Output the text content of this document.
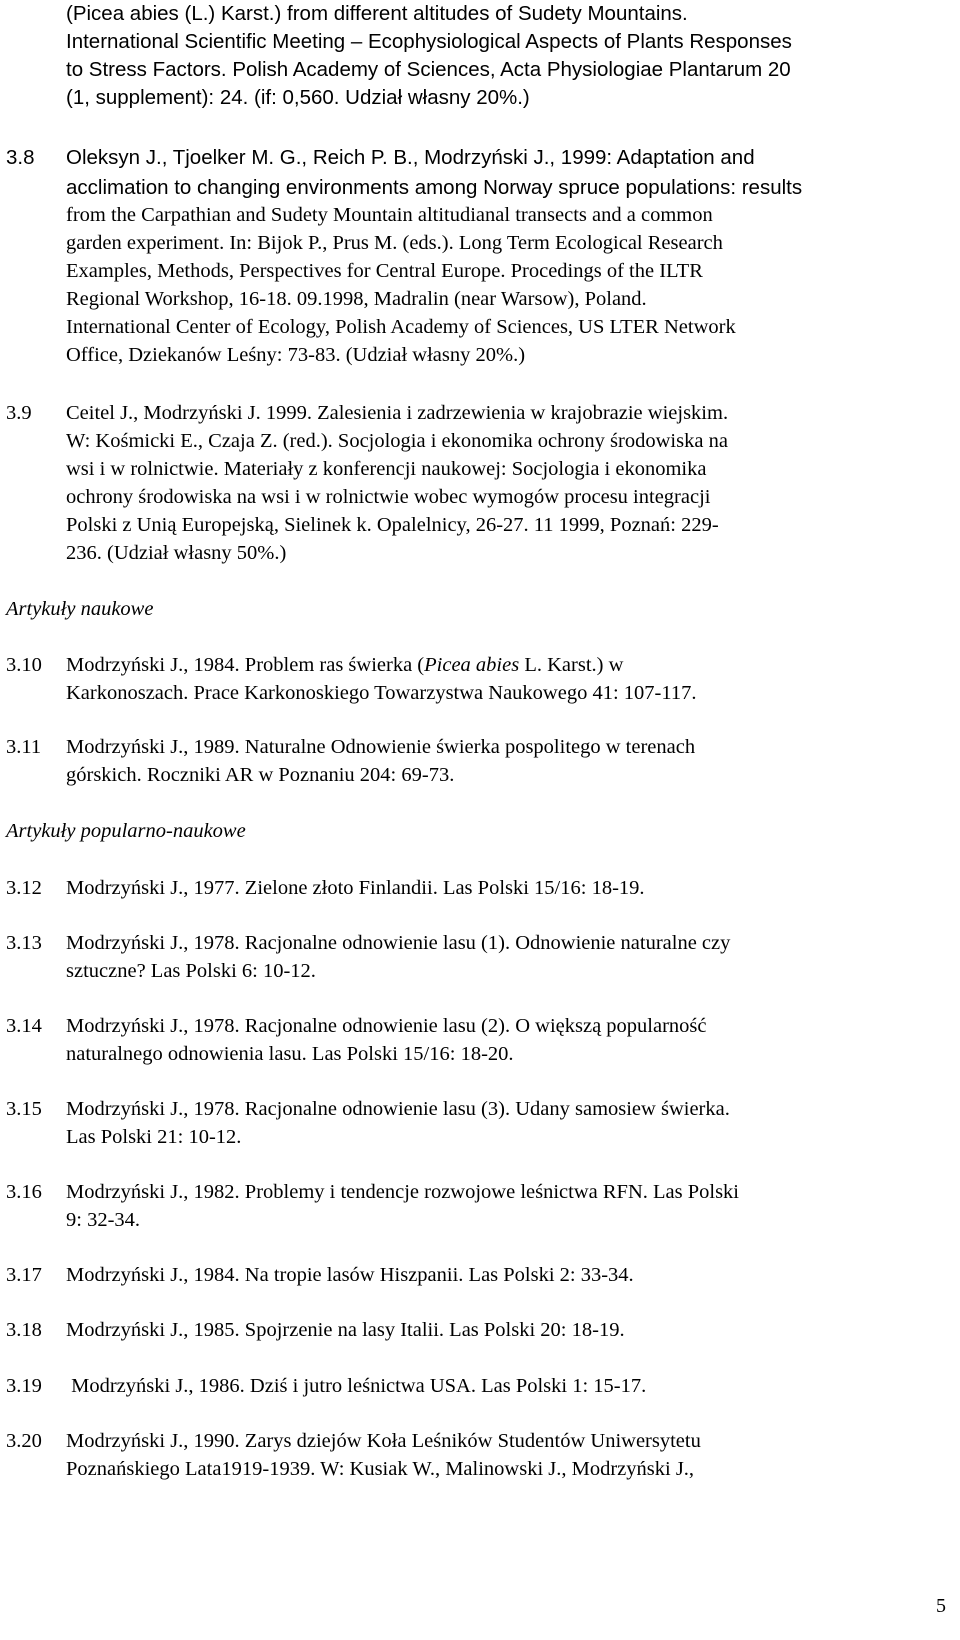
(Picea abies (L.) Karst.) from different altitudes of Sudety Mountains.
International Scientific Meeting – Ecophysiological Aspects of Plants Responses
to Stress Factors. Polish Academy of Sciences, Acta Physiologiae Plantarum 20
(1, supplement): 24. (if: 0,560. Udział własny 20%.)
3.8 Oleksyn J., Tjoelker M. G., Reich P. B., Modrzyński J., 1999: Adaptation and
acclimation to changing environments among Norway spruce populations: results
from the Carpathian and Sudety Mountain altitudianal transects and a common
garden experiment. In: Bijok P., Prus M. (eds.). Long Term Ecological Research
Examples, Methods, Perspectives for Central Europe. Procedings of the ILTR
Regional Workshop, 16-18. 09.1998, Madralin (near Warsow), Poland.
International Center of Ecology, Polish Academy of Sciences, US LTER Network
Office, Dziekanów Leśny: 73-83. (Udział własny 20%.)
3.9 Ceitel J., Modrzyński J. 1999. Zalesienia i zadrzewienia w krajobrazie wiejskim.
W: Kośmicki E., Czaja Z. (red.). Socjologia i ekonomika ochrony środowiska na
wsi i w rolnictwie. Materiały z konferencji naukowej: Socjologia i ekonomika
ochrony środowiska na wsi i w rolnictwie wobec wymogów procesu integracji
Polski z Unią Europejską, Sielinek k. Opalelnicy, 26-27. 11 1999, Poznań: 229-
236. (Udział własny 50%.)
Artykuły naukowe
3.10 Modrzyński J., 1984. Problem ras świerka (Picea abies L. Karst.) w
Karkonoszach. Prace Karkonoskiego Towarzystwa Naukowego 41: 107-117.
3.11 Modrzyński J., 1989. Naturalne Odnowienie świerka pospolitego w terenach
górskich. Roczniki AR w Poznaniu 204: 69-73.
Artykuły popularno-naukowe
3.12 Modrzyński J., 1977. Zielone złoto Finlandii. Las Polski 15/16: 18-19.
3.13 Modrzyński J., 1978. Racjonalne odnowienie lasu (1). Odnowienie naturalne czy
sztuczne? Las Polski 6: 10-12.
3.14 Modrzyński J., 1978. Racjonalne odnowienie lasu (2). O większą popularność
naturalnego odnowienia lasu. Las Polski 15/16: 18-20.
3.15 Modrzyński J., 1978. Racjonalne odnowienie lasu (3). Udany samosiew świerka.
Las Polski 21: 10-12.
3.16 Modrzyński J., 1982. Problemy i tendencje rozwojowe leśnictwa RFN. Las Polski
9: 32-34.
3.17 Modrzyński J., 1984. Na tropie lasów Hiszpanii. Las Polski 2: 33-34.
3.18 Modrzyński J., 1985. Spojrzenie na lasy Italii. Las Polski 20: 18-19.
3.19 Modrzyński J., 1986. Dziś i jutro leśnictwa USA. Las Polski 1: 15-17.
3.20 Modrzyński J., 1990. Zarys dziejów Koła Leśników Studentów Uniwersytetu
Poznańskiego Lata1919-1939. W: Kusiak W., Malinowski J., Modrzyński J.,
5
